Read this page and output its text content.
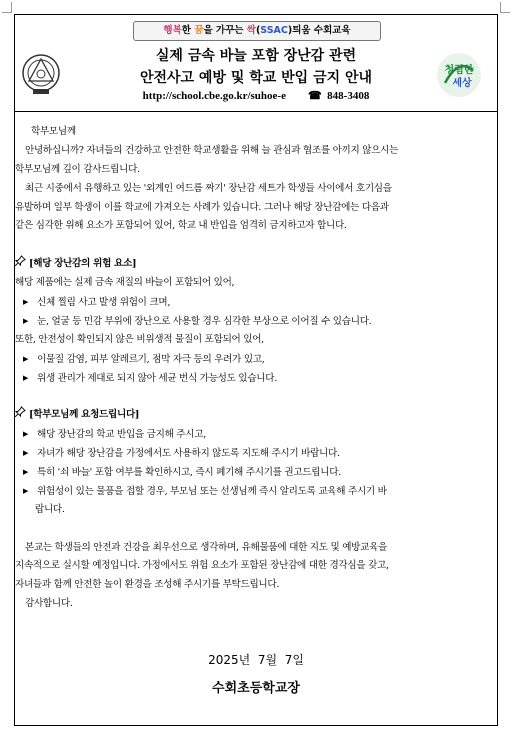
행복한 꿈을 가꾸는 싹(SSAC)틔움 수회교육
실제 금속 바늘 포함 장난감 관련
안전사고 예방 및 학교 반입 금지 안내
http://school.cbe.go.kr/suhoe-e ☎ 848-3408
청렴한
세상
학부모님께
안녕하십니까? 자녀들의 건강하고 안전한 학교생활을 위해 늘 관심과 협조를 아끼지 않으시는
학부모님께 깊이 감사드립니다.
최근 시중에서 유행하고 있는 '외계인 여드름 짜기' 장난감 세트가 학생들 사이에서 호기심을
유발하며 일부 학생이 이를 학교에 가져오는 사례가 있습니다. 그러나 해당 장난감에는 다음과
같은 심각한 위해 요소가 포함되어 있어, 학교 내 반입을 엄격히 금지하고자 합니다.
[해당 장난감의 위험 요소]
해당 제품에는 실제 금속 재질의 바늘이 포함되어 있어,
▶ 신체 찔림 사고 발생 위험이 크며,
▶ 눈, 얼굴 등 민감 부위에 장난으로 사용할 경우 심각한 부상으로 이어질 수 있습니다.
또한, 안전성이 확인되지 않은 비위생적 물질이 포함되어 있어,
▶ 이물질 감염, 피부 알레르기, 점막 자극 등의 우려가 있고,
▶ 위생 관리가 제대로 되지 않아 세균 번식 가능성도 있습니다.
[학부모님께 요청드립니다]
▶ 해당 장난감의 학교 반입을 금지해 주시고,
▶ 자녀가 해당 장난감을 가정에서도 사용하지 않도록 지도해 주시기 바랍니다.
▶ 특히 '쇠 바늘' 포함 여부를 확인하시고, 즉시 폐기해 주시기를 권고드립니다.
▶ 위험성이 있는 물품을 접할 경우, 부모님 또는 선생님께 즉시 알리도록 교육해 주시기 바
랍니다.
본교는 학생들의 안전과 건강을 최우선으로 생각하며, 유해물품에 대한 지도 및 예방교육을
지속적으로 실시할 예정입니다. 가정에서도 위험 요소가 포함된 장난감에 대한 경각심을 갖고,
자녀들과 함께 안전한 놀이 환경을 조성해 주시기를 부탁드립니다.
감사합니다.
2025년  7월  7일
수회초등학교장
